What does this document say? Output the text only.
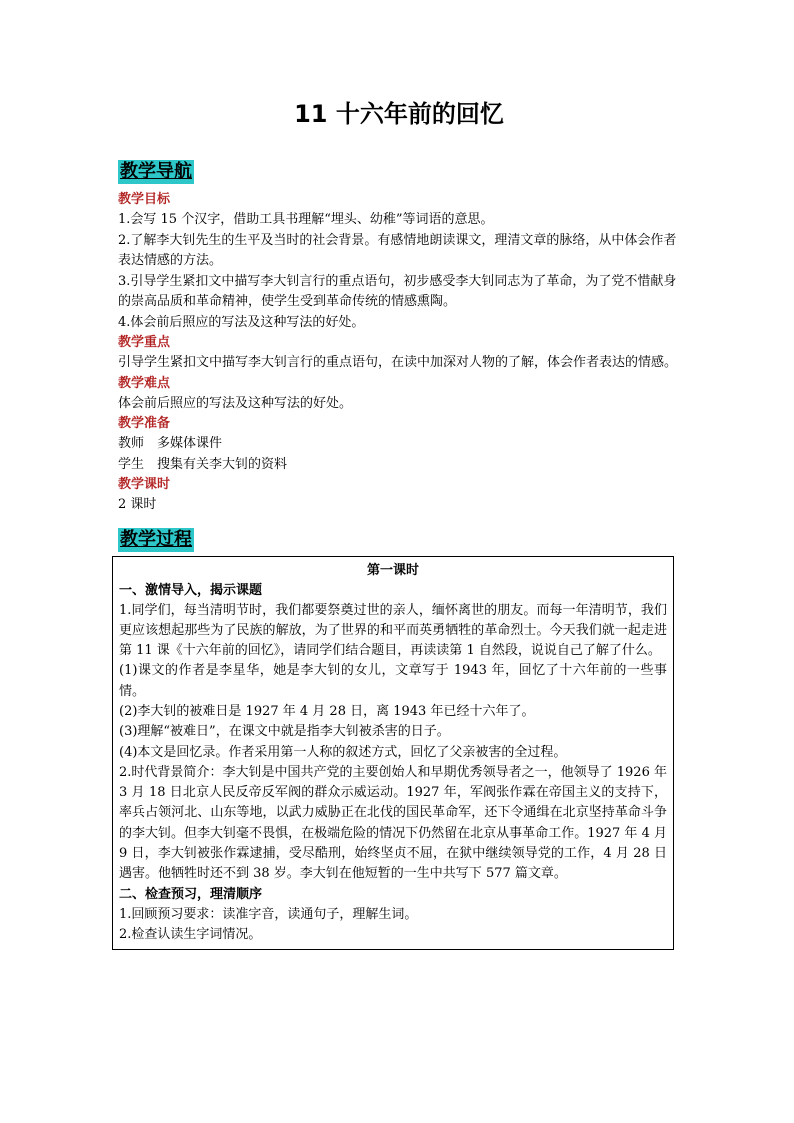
11 十六年前的回忆
教学导航
教学目标

1.会写 15 个汉字，借助工具书理解“埋头、幼稚”等词语的意思。

2.了解李大钊先生的生平及当时的社会背景。有感情地朗读课文，理清文章的脉络，从中体会作者表达情感的方法。

3.引导学生紧扣文中描写李大钊言行的重点语句，初步感受李大钊同志为了革命，为了党不惜献身的崇高品质和革命精神，使学生受到革命传统的情感熏陶。

4.体会前后照应的写法及这种写法的好处。

教学重点

引导学生紧扣文中描写李大钊言行的重点语句，在读中加深对人物的了解，体会作者表达的情感。

教学难点

体会前后照应的写法及这种写法的好处。

教学准备

教师　多媒体课件

学生　搜集有关李大钊的资料

教学课时

2 课时

教学过程
第一课时
一、激情导入，揭示课题

1.同学们，每当清明节时，我们都要祭奠过世的亲人，缅怀离世的朋友。而每一年清明节，我们更应该想起那些为了民族的解放，为了世界的和平而英勇牺牲的革命烈士。今天我们就一起走进第 11 课《十六年前的回忆》，请同学们结合题目，再读读第 1 自然段，说说自己了解了什么。

(1)课文的作者是李星华，她是李大钊的女儿，文章写于 1943 年，回忆了十六年前的一些事情。

(2)李大钊的被难日是 1927 年 4 月 28 日，离 1943 年已经十六年了。

(3)理解“被难日”，在课文中就是指李大钊被杀害的日子。

(4)本文是回忆录。作者采用第一人称的叙述方式，回忆了父亲被害的全过程。

2.时代背景简介：李大钊是中国共产党的主要创始人和早期优秀领导者之一，他领导了 1926 年 3 月 18 日北京人民反帝反军阀的群众示威运动。1927 年，军阀张作霖在帝国主义的支持下，率兵占领河北、山东等地，以武力威胁正在北伐的国民革命军，还下令通缉在北京坚持革命斗争的李大钊。但李大钊毫不畏惧，在极端危险的情况下仍然留在北京从事革命工作。1927 年 4 月 9 日，李大钊被张作霖逮捕，受尽酷刑，始终坚贞不屈，在狱中继续领导党的工作，4 月 28 日遇害。他牺牲时还不到 38 岁。李大钊在他短暂的一生中共写下 577 篇文章。

二、检查预习，理清顺序

1.回顾预习要求：读准字音，读通句子，理解生词。

2.检查认读生字词情况。
